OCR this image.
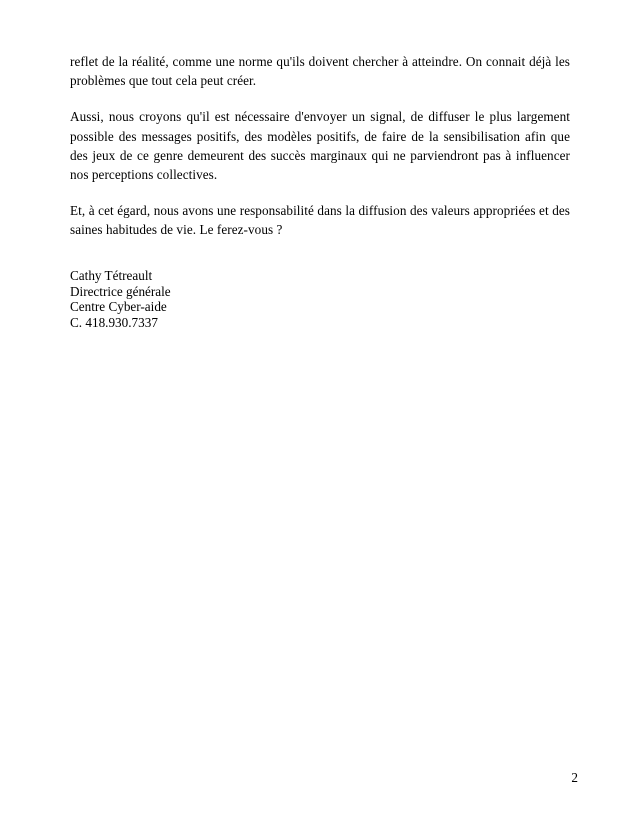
reflet de la réalité, comme une norme qu'ils doivent chercher à atteindre. On connait déjà les problèmes que tout cela peut créer.

Aussi, nous croyons qu'il est nécessaire d'envoyer un signal, de diffuser le plus largement possible des messages positifs, des modèles positifs, de faire de la sensibilisation afin que des jeux de ce genre demeurent des succès marginaux qui ne parviendront pas à influencer nos perceptions collectives.

Et, à cet égard, nous avons une responsabilité dans la diffusion des valeurs appropriées et des saines habitudes de vie. Le ferez-vous ?

Cathy Tétreault
Directrice générale
Centre Cyber-aide
C. 418.930.7337
2
